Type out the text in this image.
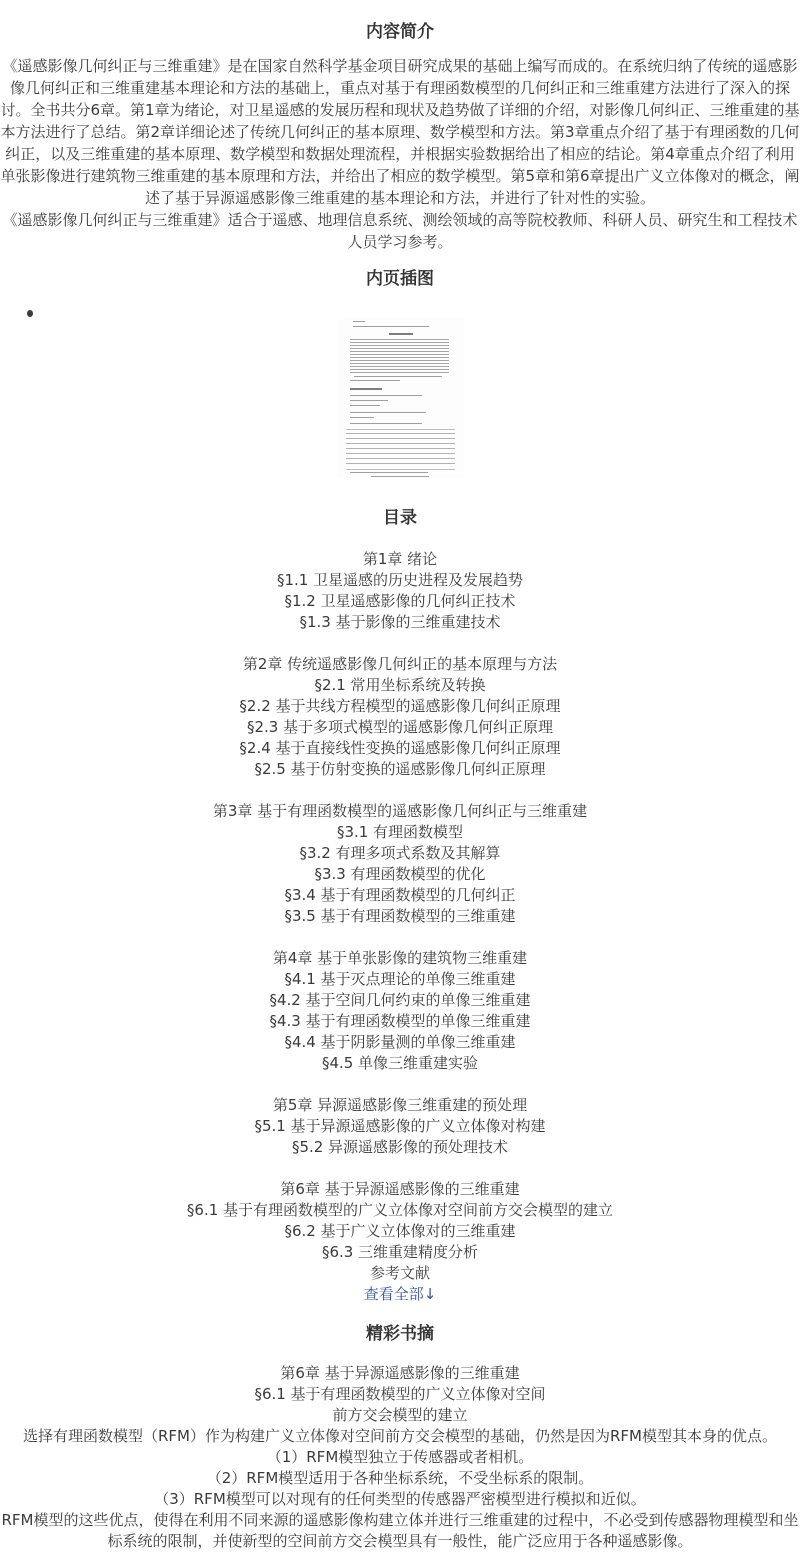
内容简介

《遥感影像几何纠正与三维重建》是在国家自然科学基金项目研究成果的基础上编写而成的。在系统归纳了传统的遥感影像几何纠正和三维重建基本理论和方法的基础上，重点对基于有理函数模型的几何纠正和三维重建方法进行了深入的探讨。全书共分6章。第1章为绪论，对卫星遥感的发展历程和现状及趋势做了详细的介绍，对影像几何纠正、三维重建的基本方法进行了总结。第2章详细论述了传统几何纠正的基本原理、数学模型和方法。第3章重点介绍了基于有理函数的几何纠正，以及三维重建的基本原理、数学模型和数据处理流程，并根据实验数据给出了相应的结论。第4章重点介绍了利用单张影像进行建筑物三维重建的基本原理和方法，并给出了相应的数学模型。第5章和第6章提出广义立体像对的概念，阐述了基于异源遥感影像三维重建的基本理论和方法，并进行了针对性的实验。

《遥感影像几何纠正与三维重建》适合于遥感、地理信息系统、测绘领域的高等院校教师、科研人员、研究生和工程技术人员学习参考。

内页插图
目录
第1章 绪论
§1.1 卫星遥感的历史进程及发展趋势
§1.2 卫星遥感影像的几何纠正技术
§1.3 基于影像的三维重建技术
第2章 传统遥感影像几何纠正的基本原理与方法
§2.1 常用坐标系统及转换
§2.2 基于共线方程模型的遥感影像几何纠正原理
§2.3 基于多项式模型的遥感影像几何纠正原理
§2.4 基于直接线性变换的遥感影像几何纠正原理
§2.5 基于仿射变换的遥感影像几何纠正原理
第3章 基于有理函数模型的遥感影像几何纠正与三维重建
§3.1 有理函数模型
§3.2 有理多项式系数及其解算
§3.3 有理函数模型的优化
§3.4 基于有理函数模型的几何纠正
§3.5 基于有理函数模型的三维重建
第4章 基于单张影像的建筑物三维重建
§4.1 基于灭点理论的单像三维重建
§4.2 基于空间几何约束的单像三维重建
§4.3 基于有理函数模型的单像三维重建
§4.4 基于阴影量测的单像三维重建
§4.5 单像三维重建实验
第5章 异源遥感影像三维重建的预处理
§5.1 基于异源遥感影像的广义立体像对构建
§5.2 异源遥感影像的预处理技术
第6章 基于异源遥感影像的三维重建
§6.1 基于有理函数模型的广义立体像对空间前方交会模型的建立
§6.2 基于广义立体像对的三维重建
§6.3 三维重建精度分析
参考文献
查看全部↓
精彩书摘
第6章 基于异源遥感影像的三维重建
§6.1 基于有理函数模型的广义立体像对空间
前方交会模型的建立
选择有理函数模型（RFM）作为构建广义立体像对空间前方交会模型的基础，仍然是因为RFM模型其本身的优点。
（1）RFM模型独立于传感器或者相机。
（2）RFM模型适用于各种坐标系统，不受坐标系的限制。
（3）RFM模型可以对现有的任何类型的传感器严密模型进行模拟和近似。
RFM模型的这些优点，使得在利用不同来源的遥感影像构建立体并进行三维重建的过程中，不必受到传感器物理模型和坐标系统的限制，并使新型的空间前方交会模型具有一般性，能广泛应用于各种遥感影像。
